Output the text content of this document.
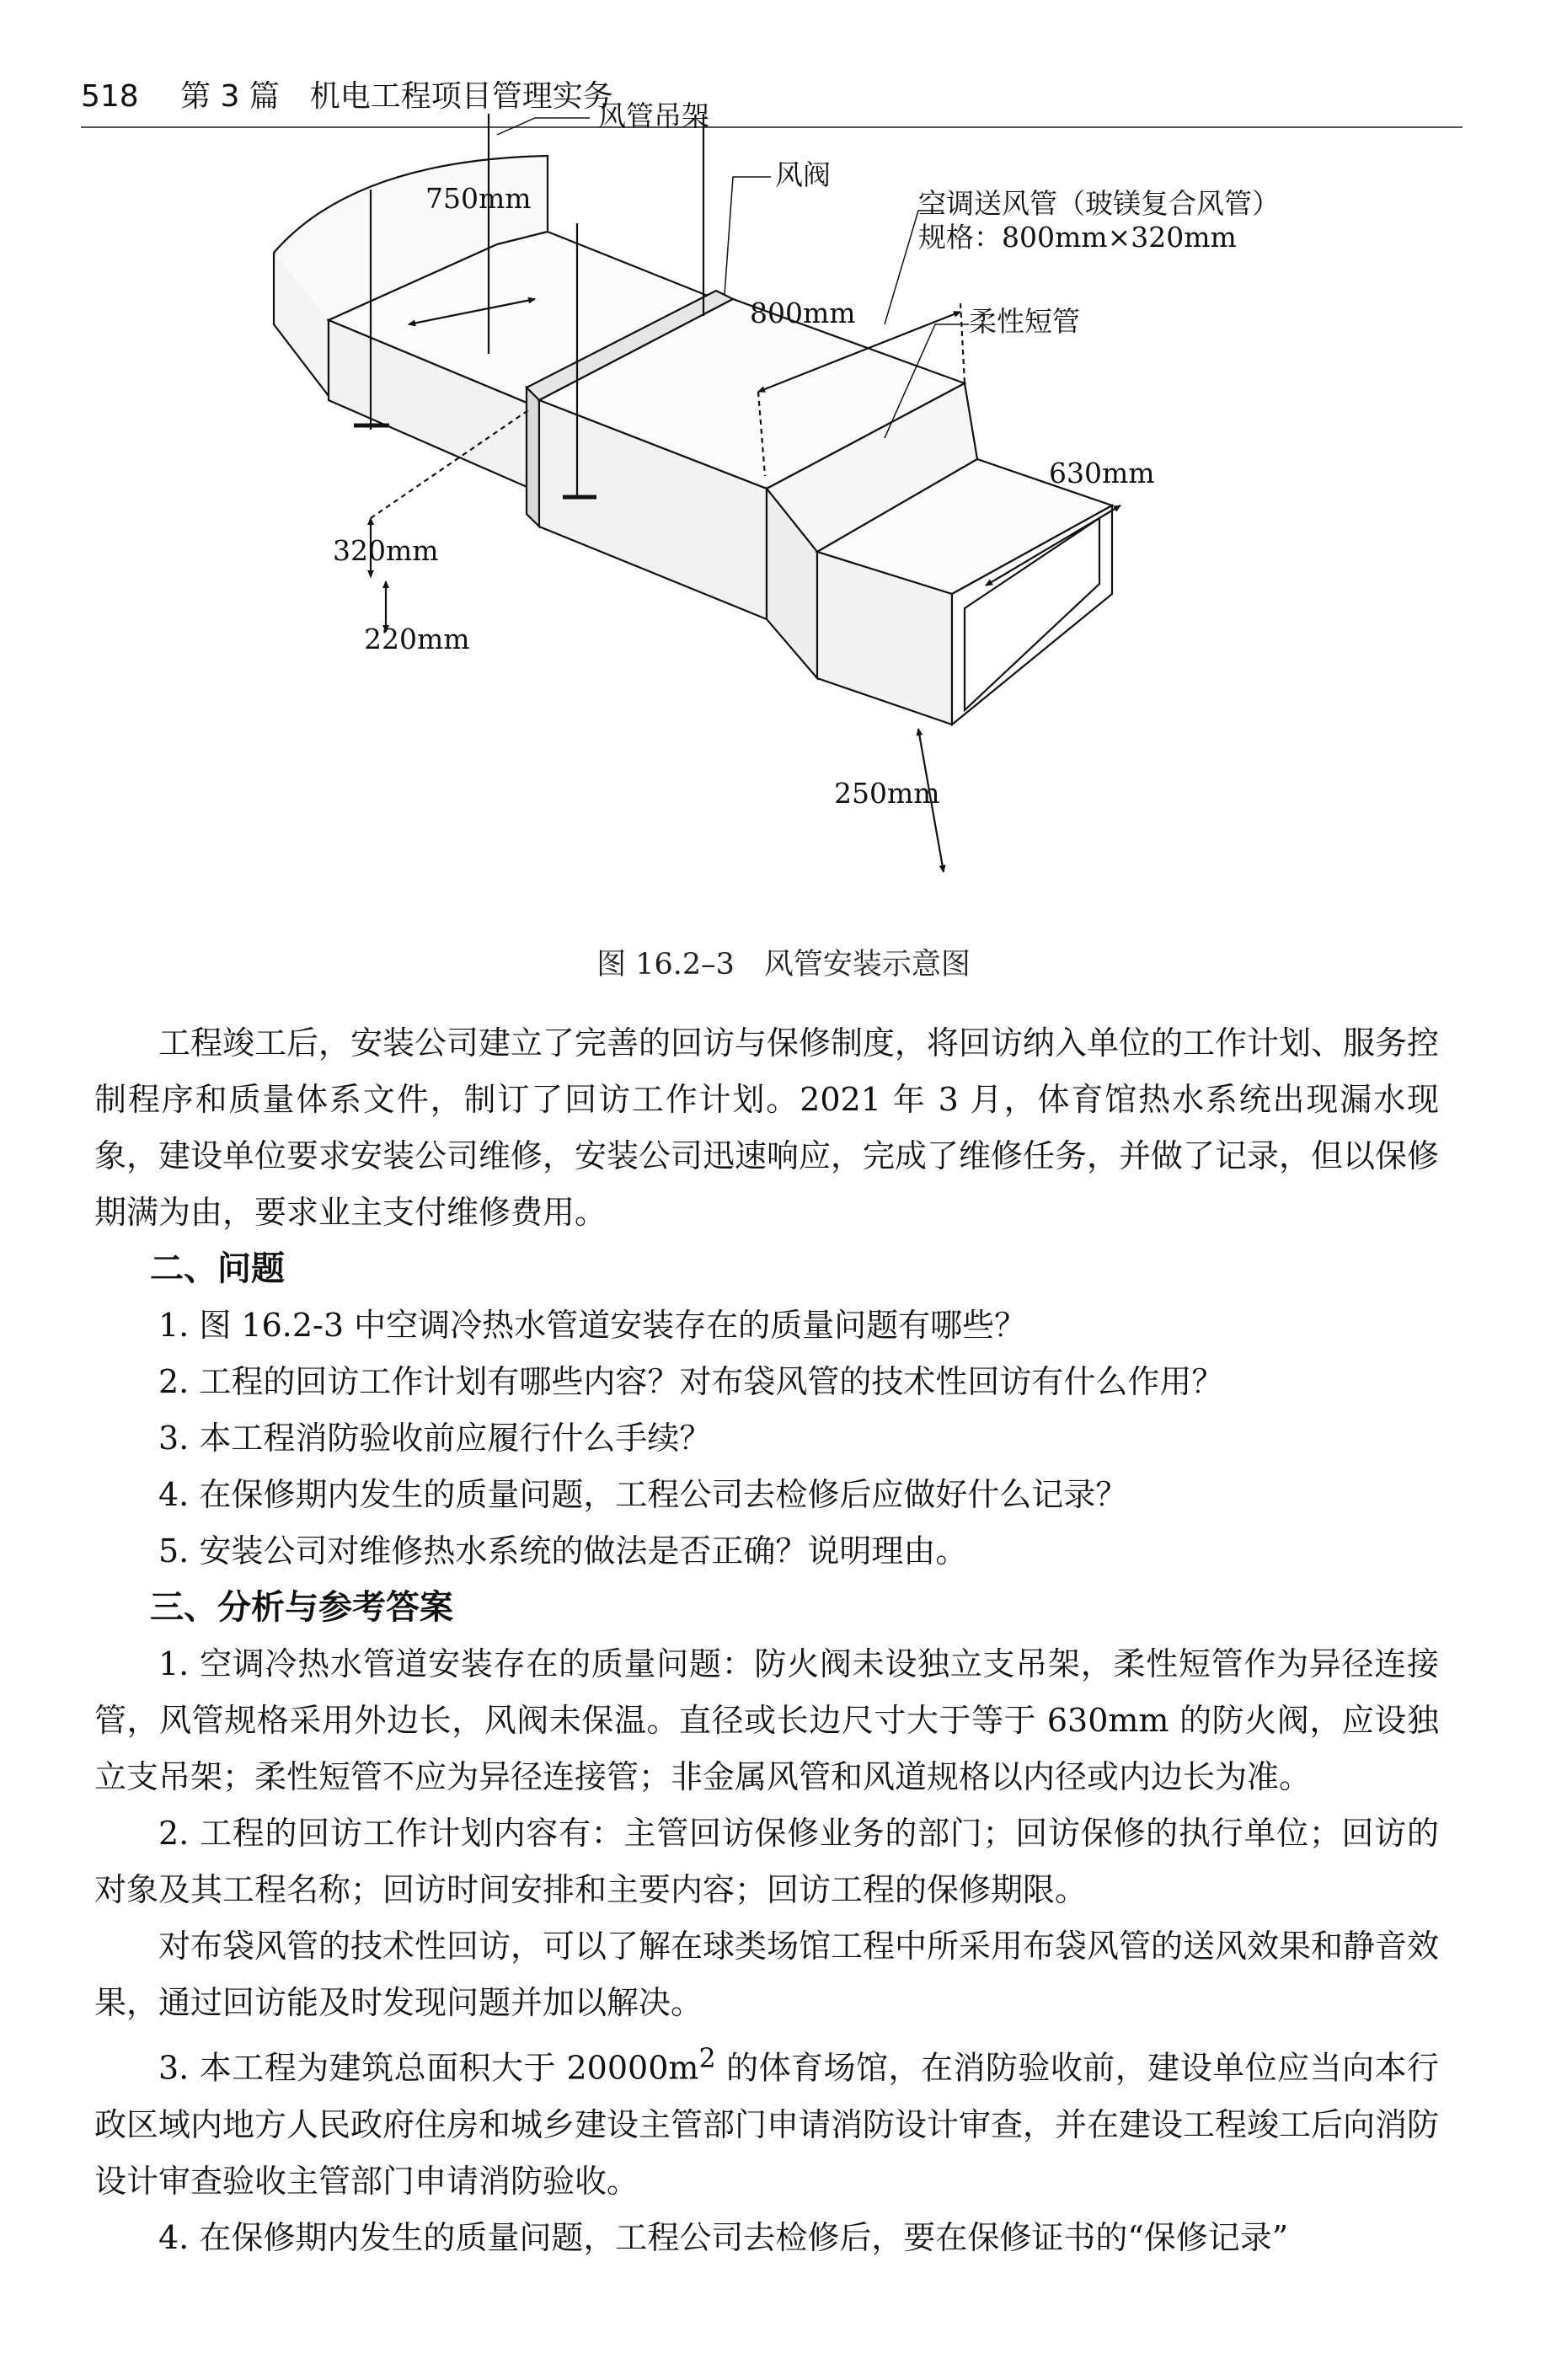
518 第 3 篇　机电工程项目管理实务
风管吊架
风阀
空调送风管（玻镁复合风管）
规格：800mm×320mm
柔性短管
750mm
800mm
320mm
220mm
630mm
250mm
图 16.2–3　风管安装示意图

工程竣工后，安装公司建立了完善的回访与保修制度，将回访纳入单位的工作计划、服务控制程序和质量体系文件，制订了回访工作计划。2021 年 3 月，体育馆热水系统出现漏水现象，建设单位要求安装公司维修，安装公司迅速响应，完成了维修任务，并做了记录，但以保修期满为由，要求业主支付维修费用。

二、问题

1. 图 16.2-3 中空调冷热水管道安装存在的质量问题有哪些？

2. 工程的回访工作计划有哪些内容？对布袋风管的技术性回访有什么作用？

3. 本工程消防验收前应履行什么手续？

4. 在保修期内发生的质量问题，工程公司去检修后应做好什么记录？

5. 安装公司对维修热水系统的做法是否正确？说明理由。

三、分析与参考答案

1. 空调冷热水管道安装存在的质量问题：防火阀未设独立支吊架，柔性短管作为异径连接管，风管规格采用外边长，风阀未保温。直径或长边尺寸大于等于 630mm 的防火阀，应设独立支吊架；柔性短管不应为异径连接管；非金属风管和风道规格以内径或内边长为准。

2. 工程的回访工作计划内容有：主管回访保修业务的部门；回访保修的执行单位；回访的对象及其工程名称；回访时间安排和主要内容；回访工程的保修期限。

对布袋风管的技术性回访，可以了解在球类场馆工程中所采用布袋风管的送风效果和静音效果，通过回访能及时发现问题并加以解决。

3. 本工程为建筑总面积大于 $20000m^2$ 的体育场馆，在消防验收前，建设单位应当向本行政区域内地方人民政府住房和城乡建设主管部门申请消防设计审查，并在建设工程竣工后向消防设计审查验收主管部门申请消防验收。

4. 在保修期内发生的质量问题，工程公司去检修后，要在保修证书的“保修记录”
